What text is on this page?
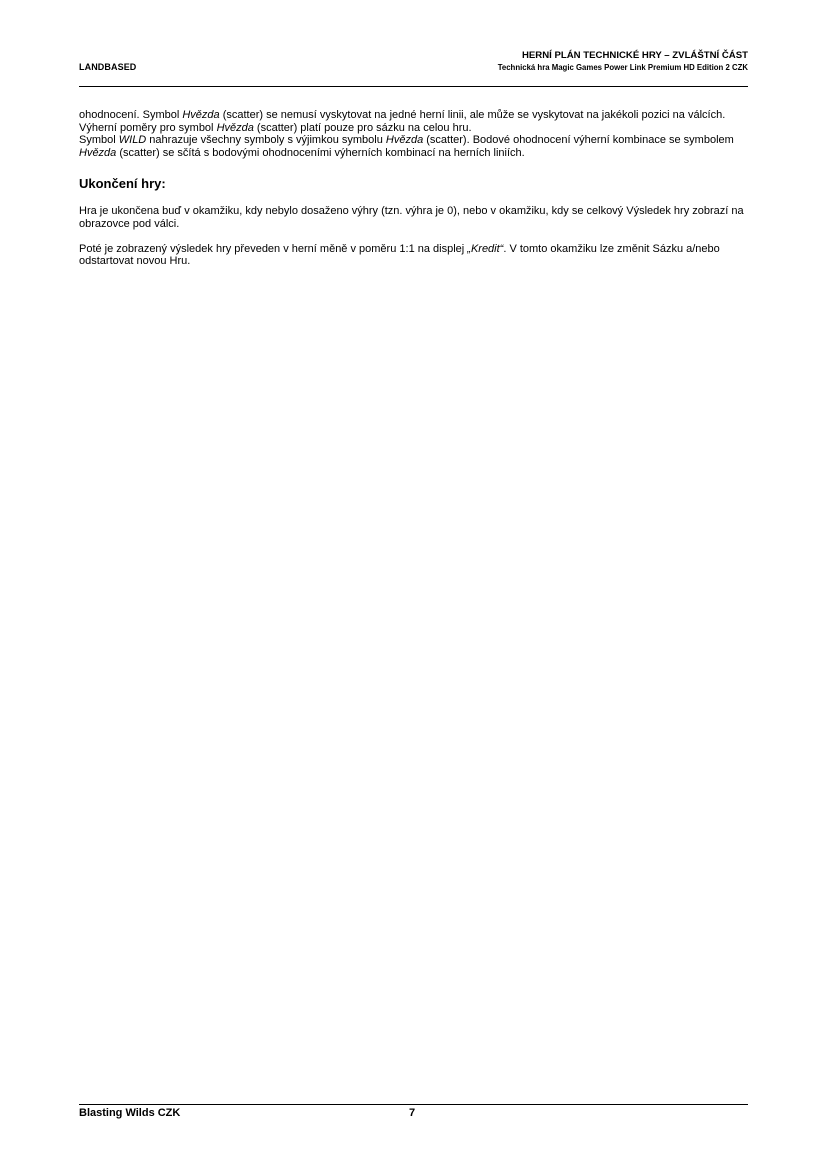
LANDBASED
HERNÍ PLÁN TECHNICKÉ HRY – ZVLÁŠTNÍ ČÁST
Technická hra Magic Games Power Link Premium HD Edition 2 CZK

ohodnocení. Symbol Hvězda (scatter) se nemusí vyskytovat na jedné herní linii, ale může se vyskytovat na jakékoli pozici na válcích. Výherní poměry pro symbol Hvězda (scatter) platí pouze pro sázku na celou hru.

Symbol WILD nahrazuje všechny symboly s výjimkou symbolu Hvězda (scatter). Bodové ohodnocení výherní kombinace se symbolem Hvězda (scatter) se sčítá s bodovými ohodnoceními výherních kombinací na herních liniích.

Ukončení hry:

Hra je ukončena buď v okamžiku, kdy nebylo dosaženo výhry (tzn. výhra je 0), nebo v okamžiku, kdy se celkový Výsledek hry zobrazí na obrazovce pod válci.

Poté je zobrazený výsledek hry převeden v herní měně v poměru 1:1 na displej „Kredit“. V tomto okamžiku lze změnit Sázku a/nebo odstartovat novou Hru.

Blasting Wilds CZK	7
